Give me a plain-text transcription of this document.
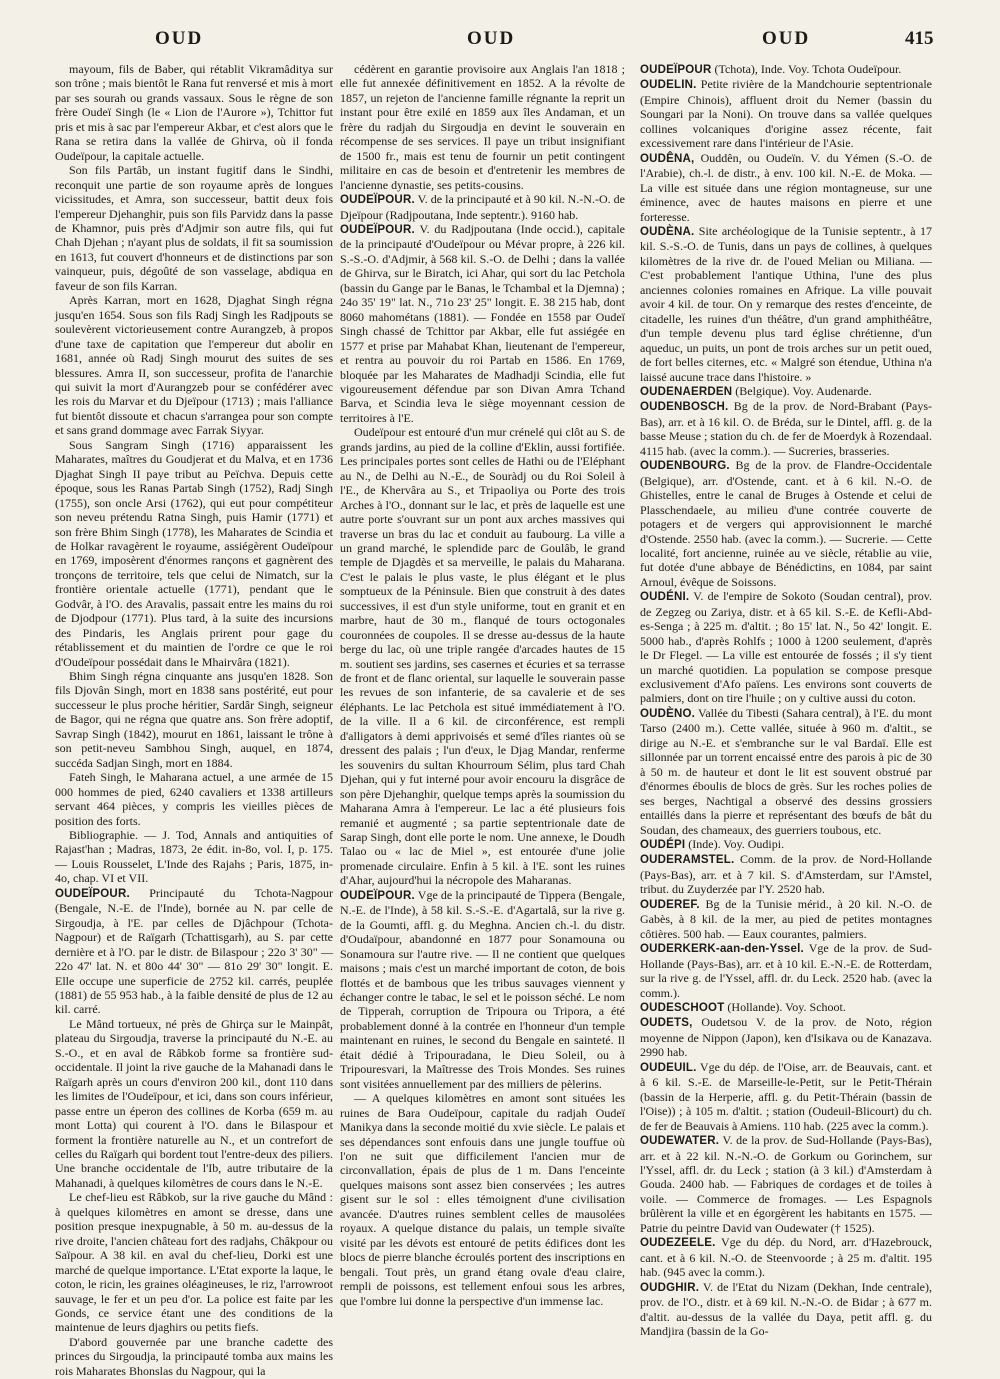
OUD	OUD	OUD	415

mayoum, fils de Baber, qui rétablit Vikramâditya sur son trône ; mais bientôt le Rana fut renversé et mis à mort par ses sourah ou grands vassaux. Sous le règne de son frère Oudeï Singh (le « Lion de l'Aurore »), Tchittor fut pris et mis à sac par l'empereur Akbar, et c'est alors que le Rana se retira dans la vallée de Ghirva, où il fonda Oudeïpour, la capitale actuelle.

Son fils Partâb, un instant fugitif dans le Sindhi, reconquit une partie de son royaume après de longues vicissitudes, et Amra, son successeur, battit deux fois l'empereur Djehanghir, puis son fils Parvidz dans la passe de Khamnor, puis près d'Adjmir son autre fils, qui fut Chah Djehan ; n'ayant plus de soldats, il fit sa soumission en 1613, fut couvert d'honneurs et de distinctions par son vainqueur, puis, dégoûté de son vasselage, abdiqua en faveur de son fils Karran.

Après Karran, mort en 1628, Djaghat Singh régna jusqu'en 1654. Sous son fils Radj Singh les Radjpouts se soulevèrent victorieusement contre Aurangzeb, à propos d'une taxe de capitation que l'empereur dut abolir en 1681, année où Radj Singh mourut des suites de ses blessures. Amra II, son successeur, profita de l'anarchie qui suivit la mort d'Aurangzeb pour se confédérer avec les rois du Marvar et du Djeïpour (1713) ; mais l'alliance fut bientôt dissoute et chacun s'arrangea pour son compte et sans grand dommage avec Farrak Siyyar.

Sous Sangram Singh (1716) apparaissent les Maharates, maîtres du Goudjerat et du Malva, et en 1736 Djaghat Singh II paye tribut au Peïchva. Depuis cette époque, sous les Ranas Partab Singh (1752), Radj Singh (1755), son oncle Arsi (1762), qui eut pour compétiteur son neveu prétendu Ratna Singh, puis Hamir (1771) et son frère Bhim Singh (1778), les Maharates de Scindia et de Holkar ravagèrent le royaume, assiégèrent Oudeïpour en 1769, imposèrent d'énormes rançons et gagnèrent des tronçons de territoire, tels que celui de Nimatch, sur la frontière orientale actuelle (1771), pendant que le Godvâr, à l'O. des Aravalis, passait entre les mains du roi de Djodpour (1771). Plus tard, à la suite des incursions des Pindaris, les Anglais prirent pour gage du rétablissement et du maintien de l'ordre ce que le roi d'Oudeïpour possédait dans le Mhairvâra (1821).

Bhim Singh régna cinquante ans jusqu'en 1828. Son fils Djovân Singh, mort en 1838 sans postérité, eut pour successeur le plus proche héritier, Sardâr Singh, seigneur de Bagor, qui ne régna que quatre ans. Son frère adoptif, Savrap Singh (1842), mourut en 1861, laissant le trône à son petit-neveu Sambhou Singh, auquel, en 1874, succéda Sadjan Singh, mort en 1884.

Fateh Singh, le Maharana actuel, a une armée de 15 000 hommes de pied, 6240 cavaliers et 1338 artilleurs servant 464 pièces, y compris les vieilles pièces de position des forts.

Bibliographie. — J. Tod, Annals and antiquities of Rajast'han ; Madras, 1873, 2e édit. in-8o, vol. I, p. 175. — Louis Rousselet, L'Inde des Rajahs ; Paris, 1875, in-4o, chap. VI et VII.

OUDEÏPOUR. Principauté du Tchota-Nagpour (Bengale, N.-E. de l'Inde), bornée au N. par celle de Sirgoudja, à l'E. par celles de Djâchpour (Tchota-Nagpour) et de Raïgarh (Tchattisgarh), au S. par cette dernière et à l'O. par le distr. de Bilaspour ; 22o 3' 30" — 22o 47' lat. N. et 80o 44' 30" — 81o 29' 30" longit. E. Elle occupe une superficie de 2752 kil. carrés, peuplée (1881) de 55 953 hab., à la faible densité de plus de 12 au kil. carré.

Le Mând tortueux, né près de Ghirça sur le Mainpât, plateau du Sirgoudja, traverse la principauté du N.-E. au S.-O., et en aval de Râbkob forme sa frontière sud-occidentale. Il joint la rive gauche de la Mahanadi dans le Raïgarh après un cours d'environ 200 kil., dont 110 dans les limites de l'Oudeïpour, et ici, dans son cours inférieur, passe entre un éperon des collines de Korba (659 m. au mont Lotta) qui courent à l'O. dans le Bilaspour et forment la frontière naturelle au N., et un contrefort de celles du Raïgarh qui bordent tout l'entre-deux des piliers. Une branche occidentale de l'Ib, autre tributaire de la Mahanadi, à quelques kilomètres de cours dans le N.-E.

Le chef-lieu est Râbkob, sur la rive gauche du Mând : à quelques kilomètres en amont se dresse, dans une position presque inexpugnable, à 50 m. au-dessus de la rive droite, l'ancien château fort des radjahs, Châkpour ou Saïpour. A 38 kil. en aval du chef-lieu, Dorki est une marché de quelque importance. L'Etat exporte la laque, le coton, le ricin, les graines oléagineuses, le riz, l'arrowroot sauvage, le fer et un peu d'or. La police est faite par les Gonds, ce service étant une des conditions de la maintenue de leurs djaghirs ou petits fiefs.

D'abord gouvernée par une branche cadette des princes du Sirgoudja, la principauté tomba aux mains les rois Maharates Bhonslas du Nagpour, qui la

cédèrent en garantie provisoire aux Anglais l'an 1818 ; elle fut annexée définitivement en 1852. A la révolte de 1857, un rejeton de l'ancienne famille régnante la reprit un instant pour être exilé en 1859 aux îles Andaman, et un frère du radjah du Sirgoudja en devint le souverain en récompense de ses services. Il paye un tribut insignifiant de 1500 fr., mais est tenu de fournir un petit contingent militaire en cas de besoin et d'entretenir les membres de l'ancienne dynastie, ses petits-cousins.

OUDEÏPOUR. V. de la principauté et à 90 kil. N.-N.-O. de Djeïpour (Radjpoutana, Inde septentr.). 9160 hab.

OUDEÏPOUR. V. du Radjpoutana (Inde occid.), capitale de la principauté d'Oudeïpour ou Mévar propre, à 226 kil. S.-S.-O. d'Adjmir, à 568 kil. S.-O. de Delhi ; dans la vallée de Ghirva, sur le Biratch, ici Ahar, qui sort du lac Petchola (bassin du Gange par le Banas, le Tchambal et la Djemna) ; 24o 35' 19" lat. N., 71o 23' 25" longit. E. 38 215 hab, dont 8060 mahométans (1881). — Fondée en 1558 par Oudeï Singh chassé de Tchittor par Akbar, elle fut assiégée en 1577 et prise par Mahabat Khan, lieutenant de l'empereur, et rentra au pouvoir du roi Partab en 1586. En 1769, bloquée par les Maharates de Madhadji Scindia, elle fut vigoureusement défendue par son Divan Amra Tchand Barva, et Scindia leva le siège moyennant cession de territoires à l'E.

Oudeïpour est entouré d'un mur crénelé qui clôt au S. de grands jardins, au pied de la colline d'Eklin, aussi fortifiée. Les principales portes sont celles de Hathi ou de l'Eléphant au N., de Delhi au N.-E., de Souràdj ou du Roi Soleil à l'E., de Khervâra au S., et Tripaoliya ou Porte des trois Arches à l'O., donnant sur le lac, et près de laquelle est une autre porte s'ouvrant sur un pont aux arches massives qui traverse un bras du lac et conduit au faubourg. La ville a un grand marché, le splendide parc de Goulâb, le grand temple de Djagdès et sa merveille, le palais du Maharana. C'est le palais le plus vaste, le plus élégant et le plus somptueux de la Péninsule. Bien que construit à des dates successives, il est d'un style uniforme, tout en granit et en marbre, haut de 30 m., flanqué de tours octogonales couronnées de coupoles. Il se dresse au-dessus de la haute berge du lac, où une triple rangée d'arcades hautes de 15 m. soutient ses jardins, ses casernes et écuries et sa terrasse de front et de flanc oriental, sur laquelle le souverain passe les revues de son infanterie, de sa cavalerie et de ses éléphants. Le lac Petchola est situé immédiatement à l'O. de la ville. Il a 6 kil. de circonférence, est rempli d'alligators à demi apprivoisés et semé d'îles riantes où se dressent des palais ; l'un d'eux, le Djag Mandar, renferme les souvenirs du sultan Khourroum Sélim, plus tard Chah Djehan, qui y fut interné pour avoir encouru la disgrâce de son père Djehanghir, quelque temps après la soumission du Maharana Amra à l'empereur. Le lac a été plusieurs fois remanié et augmenté ; sa partie septentrionale date de Sarap Singh, dont elle porte le nom. Une annexe, le Doudh Talao ou « lac de Miel », est entourée d'une jolie promenade circulaire. Enfin à 5 kil. à l'E. sont les ruines d'Ahar, aujourd'hui la nécropole des Maharanas.

OUDEÏPOUR. Vge de la principauté de Tippera (Bengale, N.-E. de l'Inde), à 58 kil. S.-S.-E. d'Agartalâ, sur la rive g. de la Goumti, affl. g. du Meghna. Ancien ch.-l. du distr. d'Oudaïpour, abandonné en 1877 pour Sonamouna ou Sonamoura sur l'autre rive. — Il ne contient que quelques maisons ; mais c'est un marché important de coton, de bois flottés et de bambous que les tribus sauvages viennent y échanger contre le tabac, le sel et le poisson séché. Le nom de Tipperah, corruption de Tripoura ou Tripora, a été probablement donné à la contrée en l'honneur d'un temple maintenant en ruines, le second du Bengale en sainteté. Il était dédié à Tripouradana, le Dieu Soleil, ou à Tripouresvari, la Maîtresse des Trois Mondes. Ses ruines sont visitées annuellement par des milliers de pèlerins.

— A quelques kilomètres en amont sont situées les ruines de Bara Oudeïpour, capitale du radjah Oudeï Manikya dans la seconde moitié du xvie siècle. Le palais et ses dépendances sont enfouis dans une jungle touffue où l'on ne suit que difficilement l'ancien mur de circonvallation, épais de plus de 1 m. Dans l'enceinte quelques maisons sont assez bien conservées ; les autres gisent sur le sol : elles témoignent d'une civilisation avancée. D'autres ruines semblent celles de mausolées royaux. A quelque distance du palais, un temple sivaïte visité par les dévots est entouré de petits édifices dont les blocs de pierre blanche écroulés portent des inscriptions en bengali. Tout près, un grand étang ovale d'eau claire, rempli de poissons, est tellement enfoui sous les arbres, que l'ombre lui donne la perspective d'un immense lac.

OUDEÏPOUR (Tchota), Inde. Voy. Tchota Oudeïpour.

OUDELIN. Petite rivière de la Mandchourie septentrionale (Empire Chinois), affluent droit du Nemer (bassin du Soungari par la Noni). On trouve dans sa vallée quelques collines volcaniques d'origine assez récente, fait excessivement rare dans l'intérieur de l'Asie.

OUDÊNA, Ouddên, ou Oudeïn. V. du Yémen (S.-O. de l'Arabie), ch.-l. de distr., à env. 100 kil. N.-E. de Moka. — La ville est située dans une région montagneuse, sur une éminence, avec de hautes maisons en pierre et une forteresse.

OUDÈNA. Site archéologique de la Tunisie septentr., à 17 kil. S.-S.-O. de Tunis, dans un pays de collines, à quelques kilomètres de la rive dr. de l'oued Melian ou Miliana. — C'est probablement l'antique Uthina, l'une des plus anciennes colonies romaines en Afrique. La ville pouvait avoir 4 kil. de tour. On y remarque des restes d'enceinte, de citadelle, les ruines d'un théâtre, d'un grand amphithéâtre, d'un temple devenu plus tard église chrétienne, d'un aqueduc, un puits, un pont de trois arches sur un petit oued, de fort belles citernes, etc. « Malgré son étendue, Uthina n'a laissé aucune trace dans l'histoire. »

OUDENAERDEN (Belgique). Voy. Audenarde.

OUDENBOSCH. Bg de la prov. de Nord-Brabant (Pays-Bas), arr. et à 16 kil. O. de Bréda, sur le Dintel, affl. g. de la basse Meuse ; station du ch. de fer de Moerdyk à Rozendaal. 4115 hab. (avec la comm.). — Sucreries, brasseries.

OUDENBOURG. Bg de la prov. de Flandre-Occidentale (Belgique), arr. d'Ostende, cant. et à 6 kil. N.-O. de Ghistelles, entre le canal de Bruges à Ostende et celui de Plasschendaele, au milieu d'une contrée couverte de potagers et de vergers qui approvisionnent le marché d'Ostende. 2550 hab. (avec la comm.). — Sucrerie. — Cette localité, fort ancienne, ruinée au ve siècle, rétablie au viie, fut dotée d'une abbaye de Bénédictins, en 1084, par saint Arnoul, évêque de Soissons.

OUDÉNI. V. de l'empire de Sokoto (Soudan central), prov. de Zegzeg ou Zariya, distr. et à 65 kil. S.-E. de Kefli-Abd-es-Senga ; à 225 m. d'altit. ; 8o 15' lat. N., 5o 42' longit. E. 5000 hab., d'après Rohlfs ; 1000 à 1200 seulement, d'après le Dr Flegel. — La ville est entourée de fossés ; il s'y tient un marché quotidien. La population se compose presque exclusivement d'Afo païens. Les environs sont couverts de palmiers, dont on tire l'huile ; on y cultive aussi du coton.

OUDÈNO. Vallée du Tibesti (Sahara central), à l'E. du mont Tarso (2400 m.). Cette vallée, située à 960 m. d'altit., se dirige au N.-E. et s'embranche sur le val Bardaï. Elle est sillonnée par un torrent encaissé entre des parois à pic de 30 à 50 m. de hauteur et dont le lit est souvent obstrué par d'énormes éboulis de blocs de grès. Sur les roches polies de ses berges, Nachtigal a observé des dessins grossiers entaillés dans la pierre et représentant des bœufs de bât du Soudan, des chameaux, des guerriers toubous, etc.

OUDÉPI (Inde). Voy. Oudipi.

OUDERAMSTEL. Comm. de la prov. de Nord-Hollande (Pays-Bas), arr. et à 7 kil. S. d'Amsterdam, sur l'Amstel, tribut. du Zuyderzée par l'Y. 2520 hab.

OUDEREF. Bg de la Tunisie mérid., à 20 kil. N.-O. de Gabès, à 8 kil. de la mer, au pied de petites montagnes côtières. 500 hab. — Eaux courantes, palmiers.

OUDERKERK-aan-den-Yssel. Vge de la prov. de Sud-Hollande (Pays-Bas), arr. et à 10 kil. E.-N.-E. de Rotterdam, sur la rive g. de l'Yssel, affl. dr. du Leck. 2520 hab. (avec la comm.).

OUDESCHOOT (Hollande). Voy. Schoot.

OUDETS, Oudetsou V. de la prov. de Noto, région moyenne de Nippon (Japon), ken d'Isikava ou de Kanazava. 2990 hab.

OUDEUIL. Vge du dép. de l'Oise, arr. de Beauvais, cant. et à 6 kil. S.-E. de Marseille-le-Petit, sur le Petit-Thérain (bassin de la Herperie, affl. g. du Petit-Thérain (bassin de l'Oise)) ; à 105 m. d'altit. ; station (Oudeuil-Blicourt) du ch. de fer de Beauvais à Amiens. 110 hab. (225 avec la comm.).

OUDEWATER. V. de la prov. de Sud-Hollande (Pays-Bas), arr. et à 22 kil. N.-N.-O. de Gorkum ou Gorinchem, sur l'Yssel, affl. dr. du Leck ; station (à 3 kil.) d'Amsterdam à Gouda. 2400 hab. — Fabriques de cordages et de toiles à voile. — Commerce de fromages. — Les Espagnols brûlèrent la ville et en égorgèrent les habitants en 1575. — Patrie du peintre David van Oudewater († 1525).

OUDEZEELE. Vge du dép. du Nord, arr. d'Hazebrouck, cant. et à 6 kil. N.-O. de Steenvoorde ; à 25 m. d'altit. 195 hab. (945 avec la comm.).

OUDGHIR. V. de l'Etat du Nizam (Dekhan, Inde centrale), prov. de l'O., distr. et à 69 kil. N.-N.-O. de Bidar ; à 677 m. d'altit. au-dessus de la vallée du Daya, petit affl. g. du Mandjira (bassin de la Go-
